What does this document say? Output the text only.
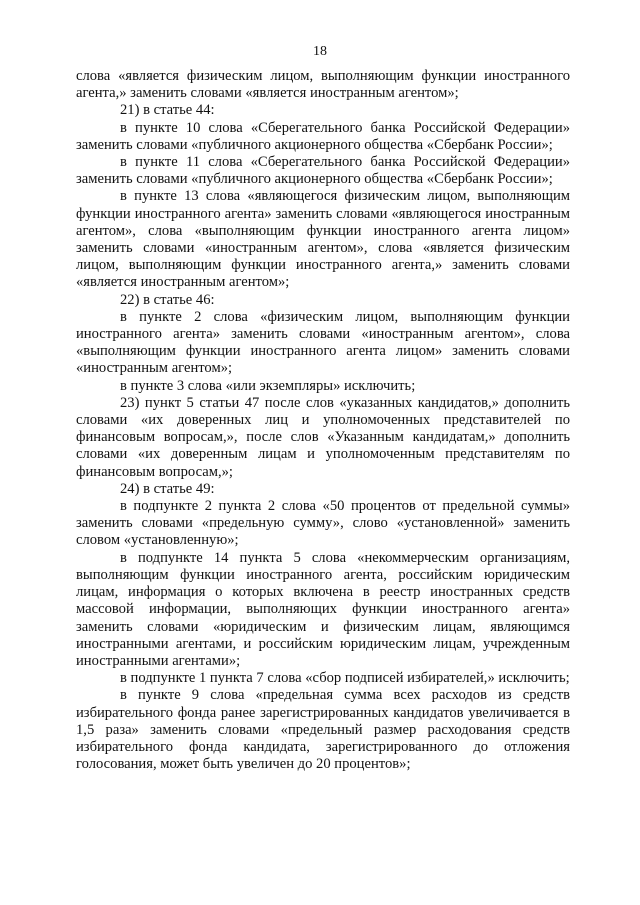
18

слова «является физическим лицом, выполняющим функции иностранного агента,» заменить словами «является иностранным агентом»;

21) в статье 44:

в пункте 10 слова «Сберегательного банка Российской Федерации» заменить словами «публичного акционерного общества «Сбербанк России»;

в пункте 11 слова «Сберегательного банка Российской Федерации» заменить словами «публичного акционерного общества «Сбербанк России»;

в пункте 13 слова «являющегося физическим лицом, выполняющим функции иностранного агента» заменить словами «являющегося иностранным агентом», слова «выполняющим функции иностранного агента лицом» заменить словами «иностранным агентом», слова «является физическим лицом, выполняющим функции иностранного агента,» заменить словами «является иностранным агентом»;

22) в статье 46:

в пункте 2 слова «физическим лицом, выполняющим функции иностранного агента» заменить словами «иностранным агентом», слова «выполняющим функции иностранного агента лицом» заменить словами «иностранным агентом»;

в пункте 3 слова «или экземпляры» исключить;

23) пункт 5 статьи 47 после слов «указанных кандидатов,» дополнить словами «их доверенных лиц и уполномоченных представителей по финансовым вопросам,», после слов «Указанным кандидатам,» дополнить словами «их доверенным лицам и уполномоченным представителям по финансовым вопросам,»;

24) в статье 49:

в подпункте 2 пункта 2 слова «50 процентов от предельной суммы» заменить словами «предельную сумму», слово «установленной» заменить словом «установленную»;

в подпункте 14 пункта 5 слова «некоммерческим организациям, выполняющим функции иностранного агента, российским юридическим лицам, информация о которых включена в реестр иностранных средств массовой информации, выполняющих функции иностранного агента» заменить словами «юридическим и физическим лицам, являющимся иностранными агентами, и российским юридическим лицам, учрежденным иностранными агентами»;

в подпункте 1 пункта 7 слова «сбор подписей избирателей,» исключить;

в пункте 9 слова «предельная сумма всех расходов из средств избирательного фонда ранее зарегистрированных кандидатов увеличивается в 1,5 раза» заменить словами «предельный размер расходования средств избирательного фонда кандидата, зарегистрированного до отложения голосования, может быть увеличен до 20 процентов»;
